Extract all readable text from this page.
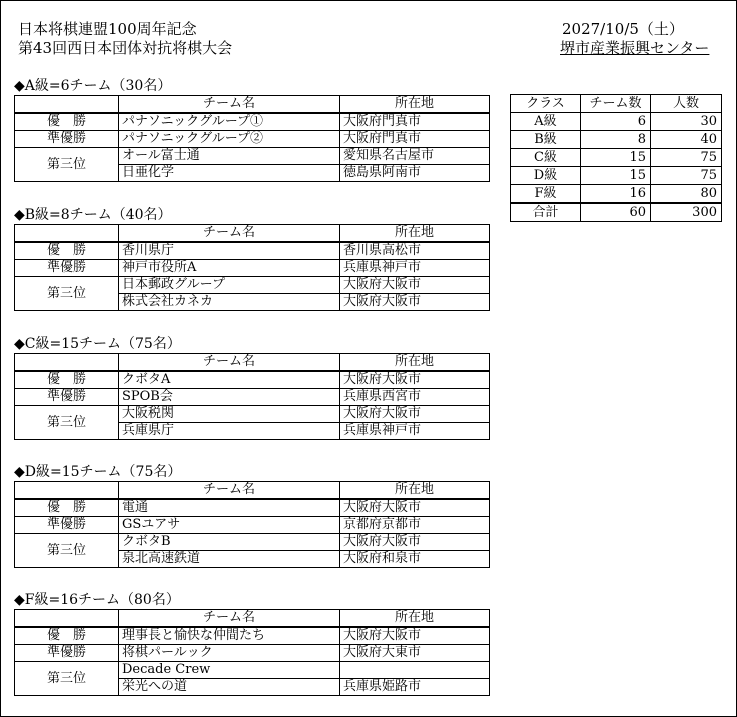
日本将棋連盟100周年記念
第43回西日本団体対抗将棋大会
2027/10/5（土）
堺市産業振興センター
◆A級=6チーム（30名）
	チーム名	所在地
優　勝	パナソニックグループ①	大阪府門真市
準優勝	パナソニックグループ②	大阪府門真市
第三位	オール富士通	愛知県名古屋市
	日亜化学	徳島県阿南市
◆B級=8チーム（40名）
	チーム名	所在地
優　勝	香川県庁	香川県高松市
準優勝	神戸市役所A	兵庫県神戸市
第三位	日本郵政グループ	大阪府大阪市
	株式会社カネカ	大阪府大阪市
◆C級=15チーム（75名）
	チーム名	所在地
優　勝	クボタA	大阪府大阪市
準優勝	SPOB会	兵庫県西宮市
第三位	大阪税関	大阪府大阪市
	兵庫県庁	兵庫県神戸市
◆D級=15チーム（75名）
	チーム名	所在地
優　勝	電通	大阪府大阪市
準優勝	GSユアサ	京都府京都市
第三位	クボタB	大阪府大阪市
	泉北高速鉄道	大阪府和泉市
◆F級=16チーム（80名）
	チーム名	所在地
優　勝	理事長と愉快な仲間たち	大阪府大阪市
準優勝	将棋パールック	大阪府大東市
第三位	Decade Crew	
	栄光への道	兵庫県姫路市
クラス	チーム数	人数
A級	6	30
B級	8	40
C級	15	75
D級	15	75
F級	16	80
合計	60	300
